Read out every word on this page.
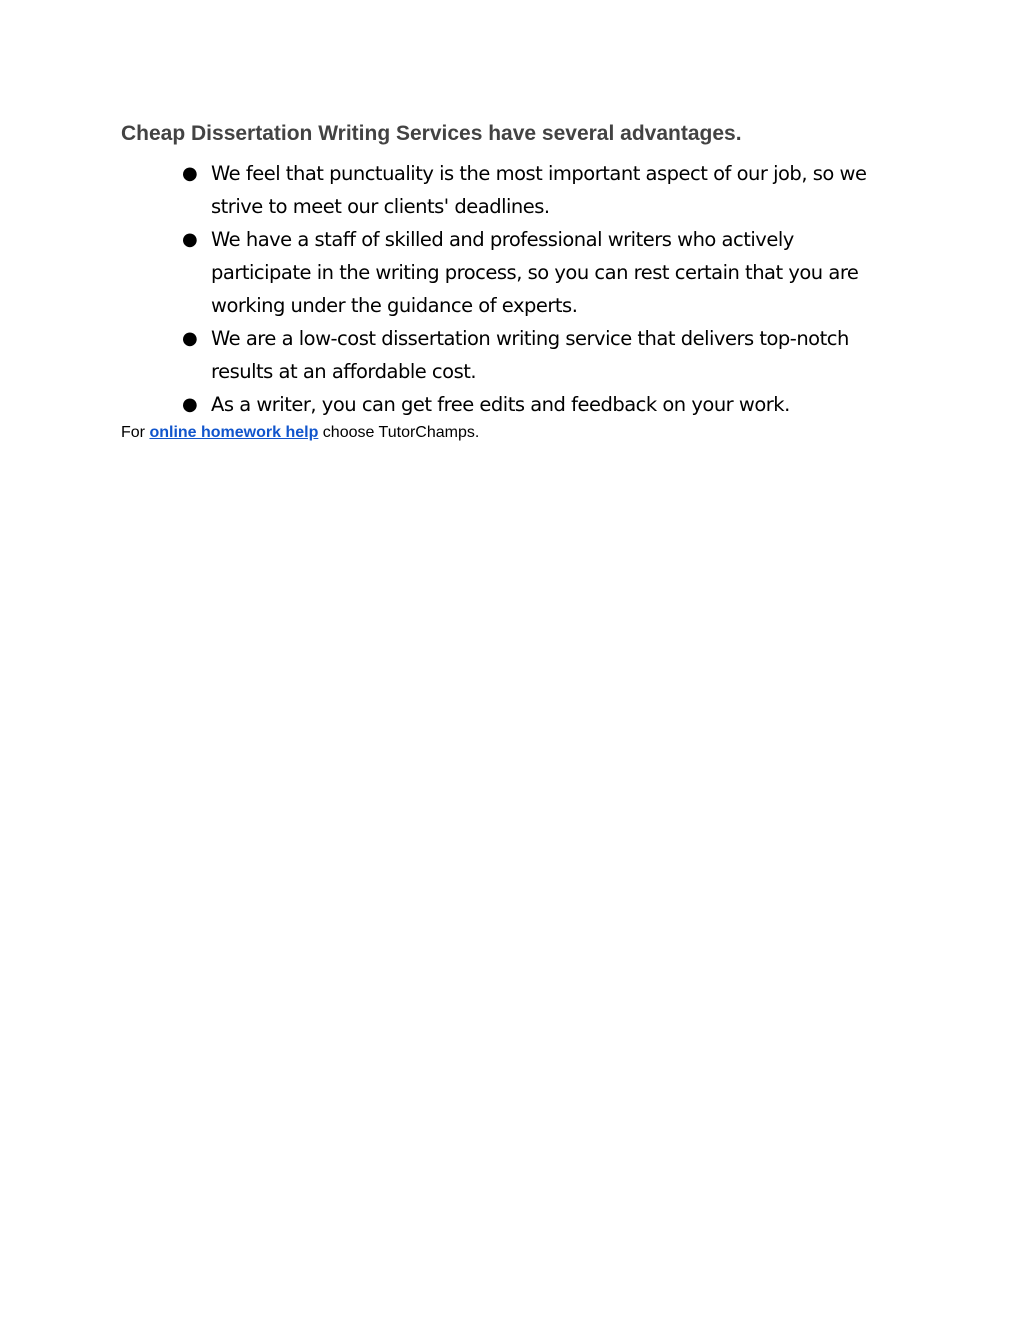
Cheap Dissertation Writing Services have several advantages.
● We feel that punctuality is the most important aspect of our job, so we strive to meet our clients' deadlines.
● We have a staff of skilled and professional writers who actively participate in the writing process, so you can rest certain that you are working under the guidance of experts.
● We are a low-cost dissertation writing service that delivers top-notch results at an affordable cost.
● As a writer, you can get free edits and feedback on your work.

For online homework help choose TutorChamps.
